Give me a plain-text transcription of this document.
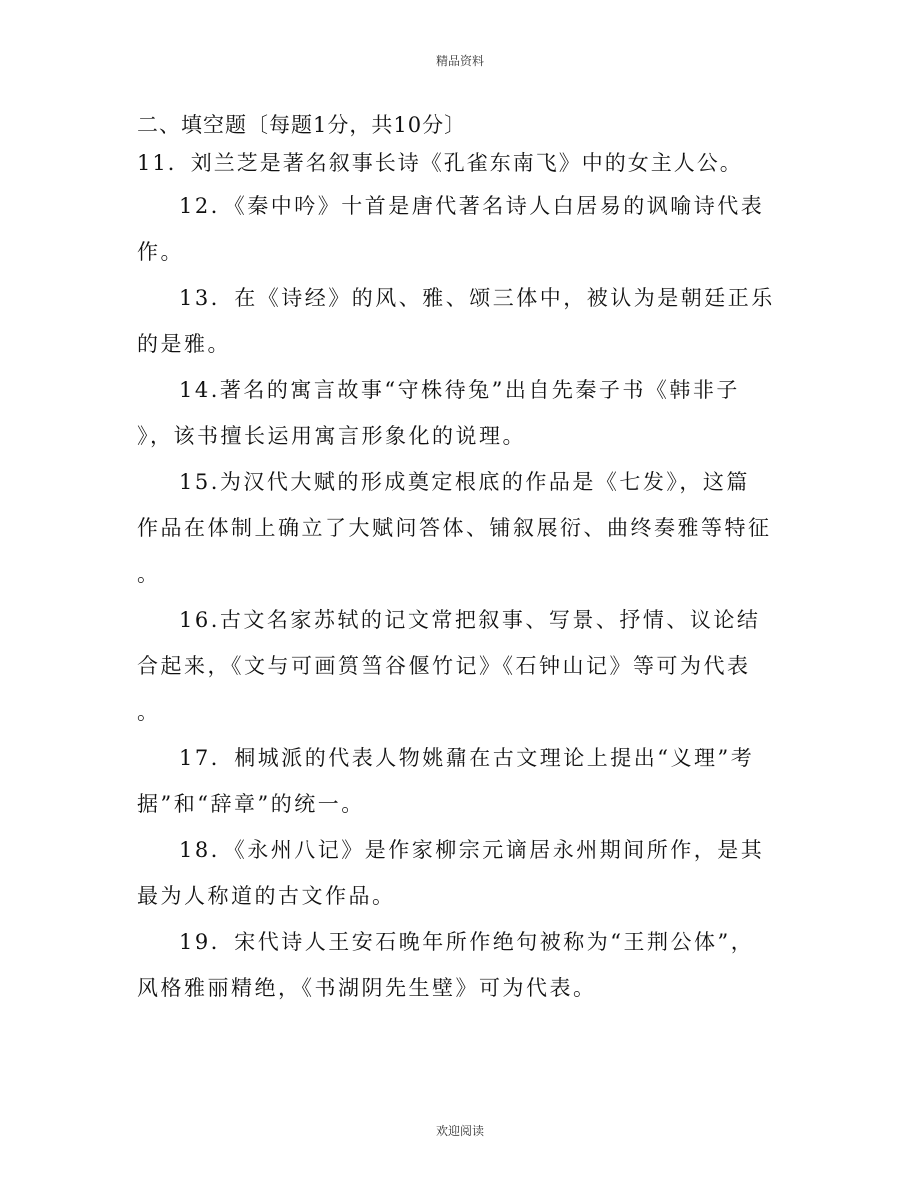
精品资料
二、填空题〔每题1分，共10分〕

11．刘兰芝是著名叙事长诗《孔雀东南飞》中的女主人公。

12．《秦中吟》十首是唐代著名诗人白居易的讽喻诗代表

作。

13．在《诗经》的风、雅、颂三体中，被认为是朝廷正乐

的是雅。

14.著名的寓言故事“守株待兔”出自先秦子书《韩非子

》，该书擅长运用寓言形象化的说理。

15.为汉代大赋的形成奠定根底的作品是《七发》，这篇

作品在体制上确立了大赋问答体、铺叙展衍、曲终奏雅等特征
。

16.古文名家苏轼的记文常把叙事、写景、抒情、议论结

合起来，《文与可画筼筜谷偃竹记》《石钟山记》等可为代表
。

17．桐城派的代表人物姚鼐在古文理论上提出“义理”考

据”和“辞章”的统一。

18．《永州八记》是作家柳宗元谪居永州期间所作，是其

最为人称道的古文作品。

19．宋代诗人王安石晚年所作绝句被称为“王荆公体”，

风格雅丽精绝，《书湖阴先生壁》可为代表。

欢迎阅读
